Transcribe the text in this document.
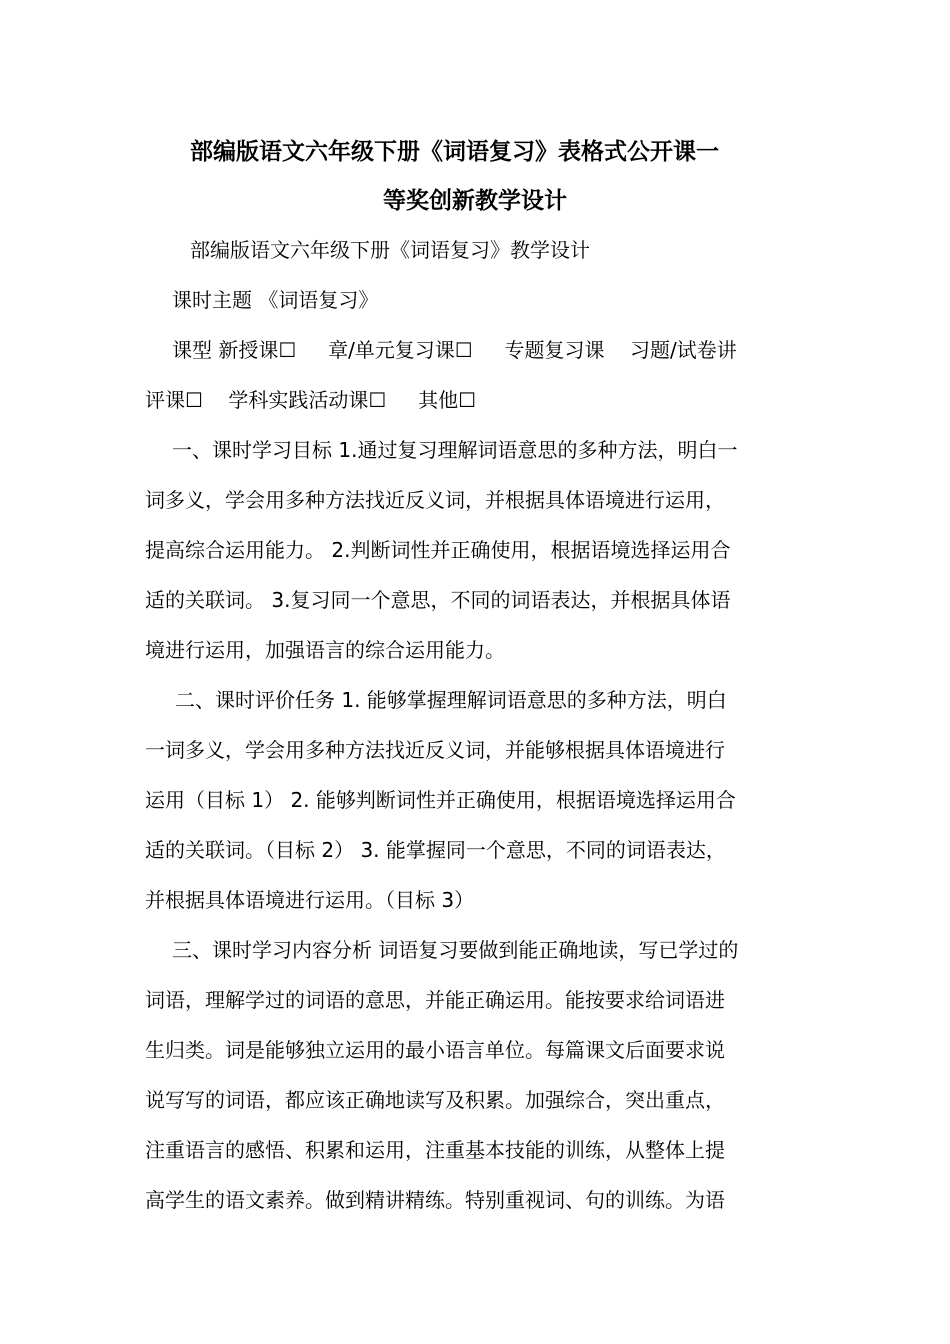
部编版语文六年级下册《词语复习》表格式公开课一
等奖创新教学设计
部编版语文六年级下册《词语复习》教学设计
课时主题 《词语复习》
课型 新授课☐     章/单元复习课☐     专题复习课    习题/试卷讲
评课☐    学科实践活动课☐     其他☐
一、课时学习目标 1.通过复习理解词语意思的多种方法，明白一
词多义，学会用多种方法找近反义词，并根据具体语境进行运用，
提高综合运用能力。 2.判断词性并正确使用，根据语境选择运用合
适的关联词。 3.复习同一个意思，不同的词语表达，并根据具体语
境进行运用，加强语言的综合运用能力。
二、课时评价任务 1. 能够掌握理解词语意思的多种方法，明白
一词多义，学会用多种方法找近反义词，并能够根据具体语境进行
运用（目标 1） 2. 能够判断词性并正确使用，根据语境选择运用合
适的关联词。（目标 2） 3. 能掌握同一个意思，不同的词语表达，
并根据具体语境进行运用。（目标 3）
三、课时学习内容分析 词语复习要做到能正确地读，写已学过的
词语，理解学过的词语的意思，并能正确运用。能按要求给词语进
生归类。词是能够独立运用的最小语言单位。每篇课文后面要求说
说写写的词语，都应该正确地读写及积累。加强综合，突出重点，
注重语言的感悟、积累和运用，注重基本技能的训练，从整体上提
高学生的语文素养。做到精讲精练。特别重视词、句的训练。为语
